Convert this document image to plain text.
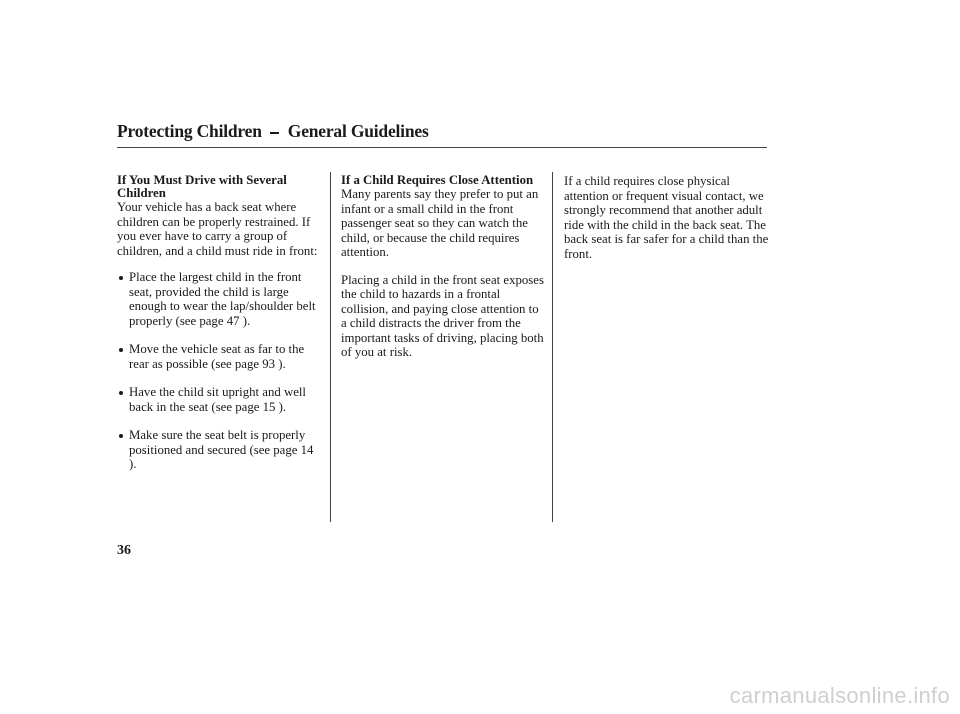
Protecting Children General Guidelines
If You Must Drive with Several Children

Your vehicle has a back seat where children can be properly restrained. If you ever have to carry a group of children, and a child must ride in front:

Place the largest child in the front seat, provided the child is large enough to wear the lap/shoulder belt properly (see page 47 ).
Move the vehicle seat as far to the rear as possible (see page 93 ).
Have the child sit upright and well back in the seat (see page 15 ).
Make sure the seat belt is properly positioned and secured (see page 14 ).
If a Child Requires Close Attention

Many parents say they prefer to put an infant or a small child in the front passenger seat so they can watch the child, or because the child requires attention.

Placing a child in the front seat exposes the child to hazards in a frontal collision, and paying close attention to a child distracts the driver from the important tasks of driving, placing both of you at risk.

If a child requires close physical attention or frequent visual contact, we strongly recommend that another adult ride with the child in the back seat. The back seat is far safer for a child than the front.

36
carmanualsonline.info
